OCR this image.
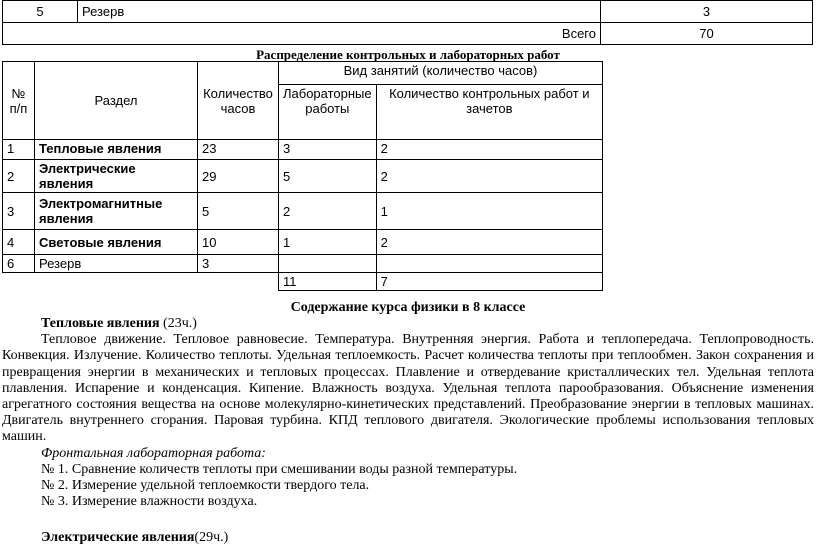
5	Резерв	3
Всего		70
Распределение контрольных и лабораторных работ
№ п/п	Раздел	Количество часов	Вид занятий (количество часов)	
			Лабораторные работы	Количество контрольных работ и зачетов
1	Тепловые явления	23	3	2
2	Электрические явления	29	5	2
3	Электромагнитные явления	5	2	1
4	Световые явления	10	1	2
6	Резерв	3		
			11	7
Содержание курса физики в 8 классе

Тепловые явления (23ч.)

Тепловое движение. Тепловое равновесие. Температура. Внутренняя энергия. Работа и теплопередача. Теплопроводность. Конвекция. Излучение. Количество теплоты. Удельная теплоемкость. Расчет количества теплоты при теплообмен. Закон сохранения и превращения энергии в механических и тепловых процессах. Плавление и отвердевание кристаллических тел. Удельная теплота плавления. Испарение и конденсация. Кипение. Влажность воздуха. Удельная теплота парообразования. Объяснение изменения агрегатного состояния вещества на основе молекулярно-кинетических представлений. Преобразование энергии в тепловых машинах. Двигатель внутреннего сгорания. Паровая турбина. КПД теплового двигателя. Экологические проблемы использования тепловых машин.

Фронтальная лабораторная работа:

№ 1. Сравнение количеств теплоты при смешивании воды разной температуры.

№ 2. Измерение удельной теплоемкости твердого тела.

№ 3. Измерение влажности воздуха.

Электрические явления(29ч.)
